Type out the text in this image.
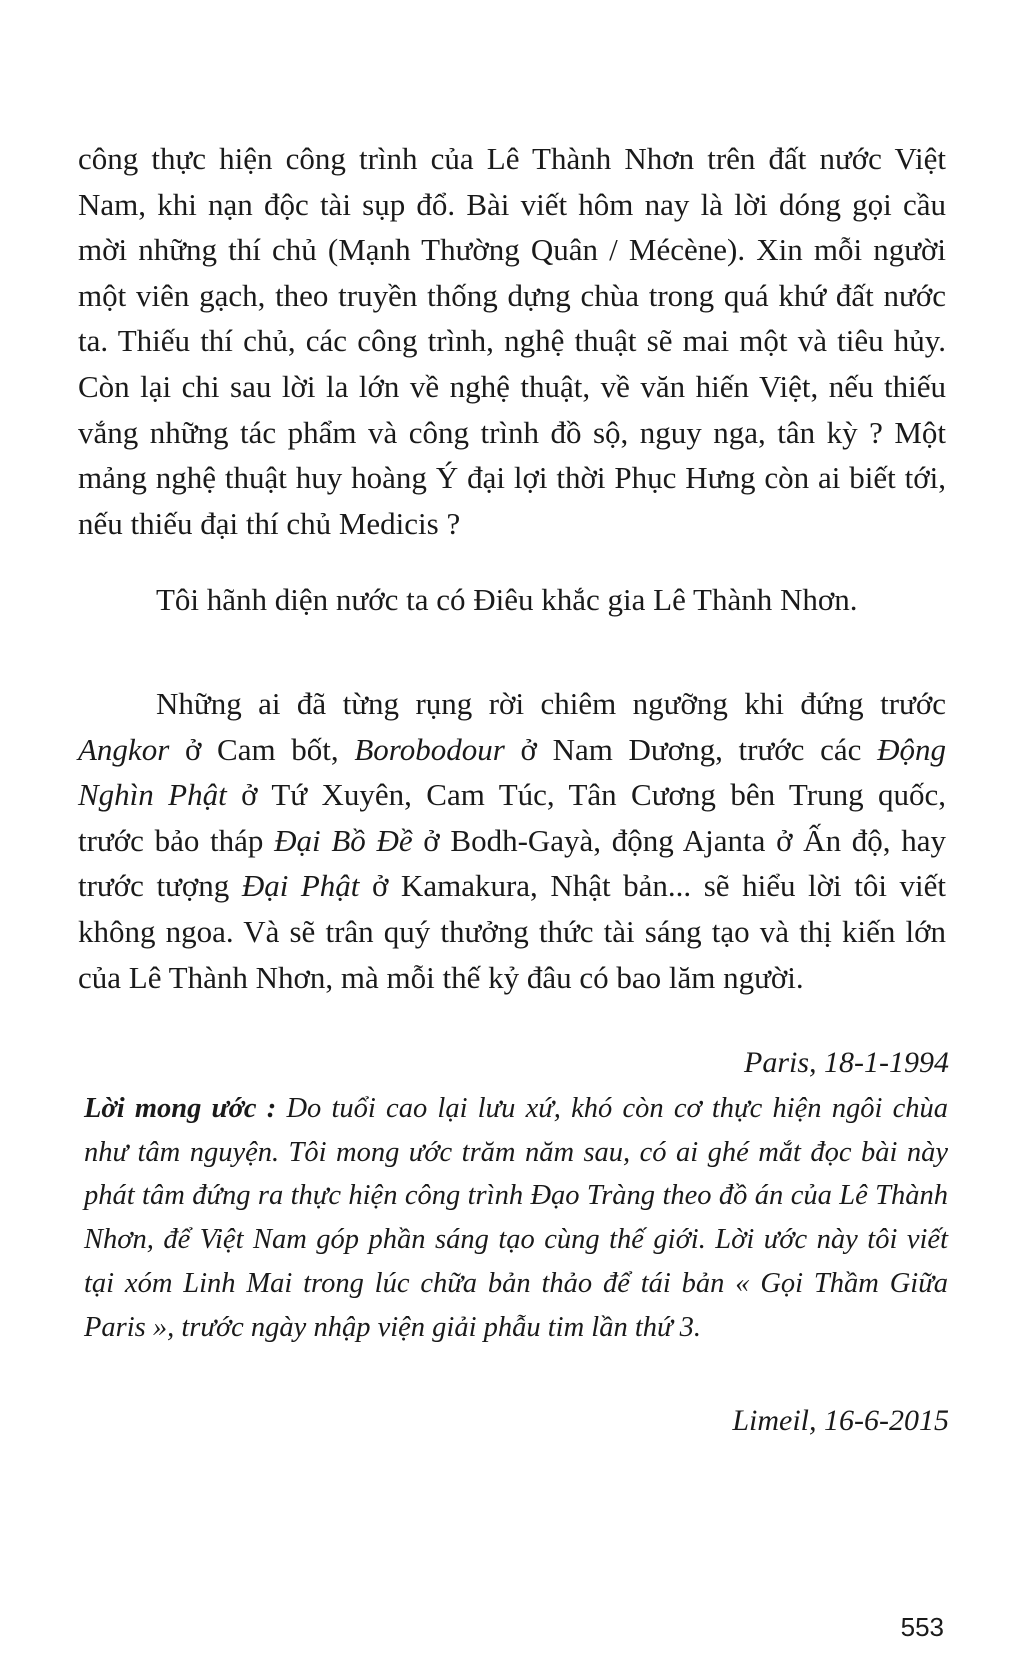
công thực hiện công trình của Lê Thành Nhơn trên đất nước Việt Nam, khi nạn độc tài sụp đổ. Bài viết hôm nay là lời dóng gọi cầu mời những thí chủ (Mạnh Thường Quân / Mécène). Xin mỗi người một viên gạch, theo truyền thống dựng chùa trong quá khứ đất nước ta. Thiếu thí chủ, các công trình, nghệ thuật sẽ mai một và tiêu hủy. Còn lại chi sau lời la lớn về nghệ thuật, về văn hiến Việt, nếu thiếu vắng những tác phẩm và công trình đồ sộ, nguy nga, tân kỳ ? Một mảng nghệ thuật huy hoàng Ý đại lợi thời Phục Hưng còn ai biết tới, nếu thiếu đại thí chủ Medicis ?

Tôi hãnh diện nước ta có Điêu khắc gia Lê Thành Nhơn.

Những ai đã từng rụng rời chiêm ngưỡng khi đứng trước Angkor ở Cam bốt, Borobodour ở Nam Dương, trước các Động Nghìn Phật ở Tứ Xuyên, Cam Túc, Tân Cương bên Trung quốc, trước bảo tháp Đại Bồ Đề ở Bodh-Gayà, động Ajanta ở Ấn độ, hay trước tượng Đại Phật ở Kamakura, Nhật bản... sẽ hiểu lời tôi viết không ngoa. Và sẽ trân quý thưởng thức tài sáng tạo và thị kiến lớn của Lê Thành Nhơn, mà mỗi thế kỷ đâu có bao lăm người.

Paris, 18-1-1994

Lời mong ước : Do tuổi cao lại lưu xứ, khó còn cơ thực hiện ngôi chùa như tâm nguyện. Tôi mong ước trăm năm sau, có ai ghé mắt đọc bài này phát tâm đứng ra thực hiện công trình Đạo Tràng theo đồ án của Lê Thành Nhơn, để Việt Nam góp phần sáng tạo cùng thế giới. Lời ước này tôi viết tại xóm Linh Mai trong lúc chữa bản thảo để tái bản « Gọi Thầm Giữa Paris », trước ngày nhập viện giải phẫu tim lần thứ 3.

Limeil, 16-6-2015

553
